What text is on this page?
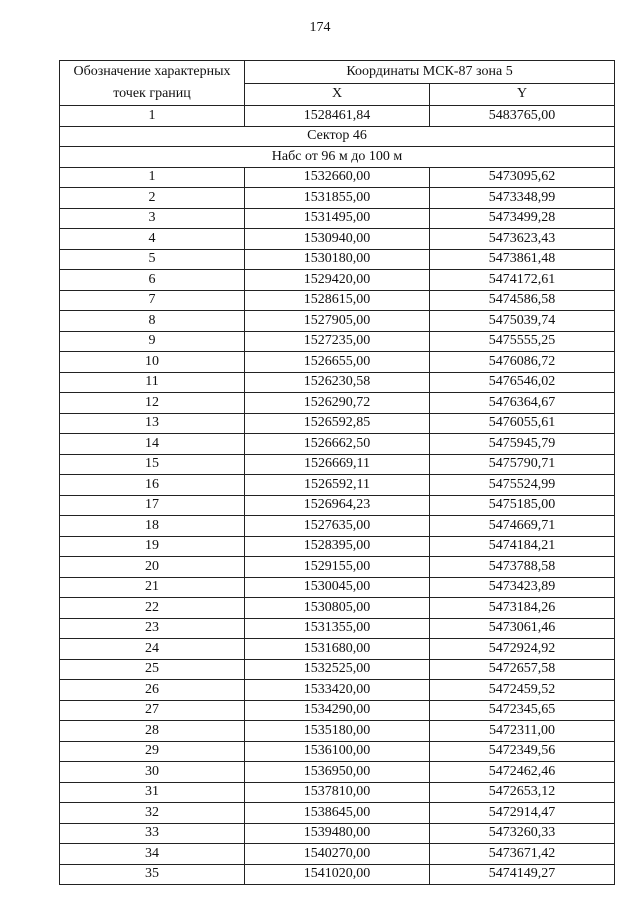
174
Обозначение характерных
точек границ	Координаты МСК-87 зона 5	
	X	Y
1	1528461,84	5483765,00
Сектор 46		
Набс от 96 м до 100 м		
1	1532660,00	5473095,62
2	1531855,00	5473348,99
3	1531495,00	5473499,28
4	1530940,00	5473623,43
5	1530180,00	5473861,48
6	1529420,00	5474172,61
7	1528615,00	5474586,58
8	1527905,00	5475039,74
9	1527235,00	5475555,25
10	1526655,00	5476086,72
11	1526230,58	5476546,02
12	1526290,72	5476364,67
13	1526592,85	5476055,61
14	1526662,50	5475945,79
15	1526669,11	5475790,71
16	1526592,11	5475524,99
17	1526964,23	5475185,00
18	1527635,00	5474669,71
19	1528395,00	5474184,21
20	1529155,00	5473788,58
21	1530045,00	5473423,89
22	1530805,00	5473184,26
23	1531355,00	5473061,46
24	1531680,00	5472924,92
25	1532525,00	5472657,58
26	1533420,00	5472459,52
27	1534290,00	5472345,65
28	1535180,00	5472311,00
29	1536100,00	5472349,56
30	1536950,00	5472462,46
31	1537810,00	5472653,12
32	1538645,00	5472914,47
33	1539480,00	5473260,33
34	1540270,00	5473671,42
35	1541020,00	5474149,27
